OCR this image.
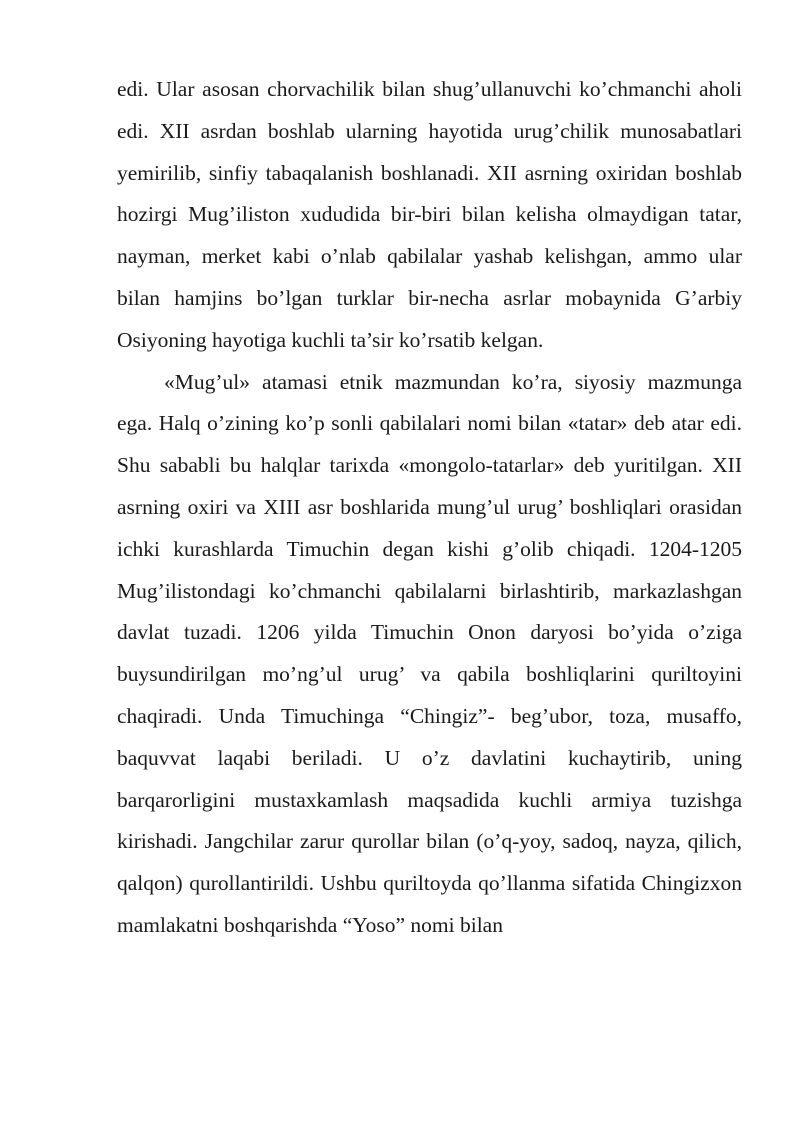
edi. Ular asosan chorvachilik bilan shug’ullanuvchi ko’chmanchi aholi edi. XII asrdan boshlab ularning hayotida urug’chilik munosabatlari yemirilib, sinfiy tabaqalanish boshlanadi. XII asrning oxiridan boshlab hozirgi Mug’iliston xududida bir-biri bilan kelisha olmaydigan tatar, nayman, merket kabi o’nlab qabilalar yashab kelishgan, ammo ular bilan hamjins bo’lgan turklar bir-necha asrlar mobaynida G’arbiy Osiyoning hayotiga kuchli ta’sir ko’rsatib kelgan.

«Mug’ul» atamasi etnik mazmundan ko’ra, siyosiy mazmunga ega. Halq o’zining ko’p sonli qabilalari nomi bilan «tatar» deb atar edi. Shu sababli bu halqlar tarixda «mongolo-tatarlar» deb yuritilgan. XII asrning oxiri va XIII asr boshlarida mung’ul urug’ boshliqlari orasidan ichki kurashlarda Timuchin degan kishi g’olib chiqadi. 1204-1205 Mug’ilistondagi ko’chmanchi qabilalarni birlashtirib, markazlashgan davlat tuzadi. 1206 yilda Timuchin Onon daryosi bo’yida o’ziga buysundirilgan mo’ng’ul urug’ va qabila boshliqlarini quriltoyini chaqiradi. Unda Timuchinga “Chingiz”- beg’ubor, toza, musaffo, baquvvat laqabi beriladi. U o’z davlatini kuchaytirib, uning barqarorligini mustaxkamlash maqsadida kuchli armiya tuzishga kirishadi. Jangchilar zarur qurollar bilan (o’q-yoy, sadoq, nayza, qilich, qalqon) qurollantirildi. Ushbu quriltoyda qo’llanma sifatida Chingizxon mamlakatni boshqarishda “Yoso” nomi bilan
